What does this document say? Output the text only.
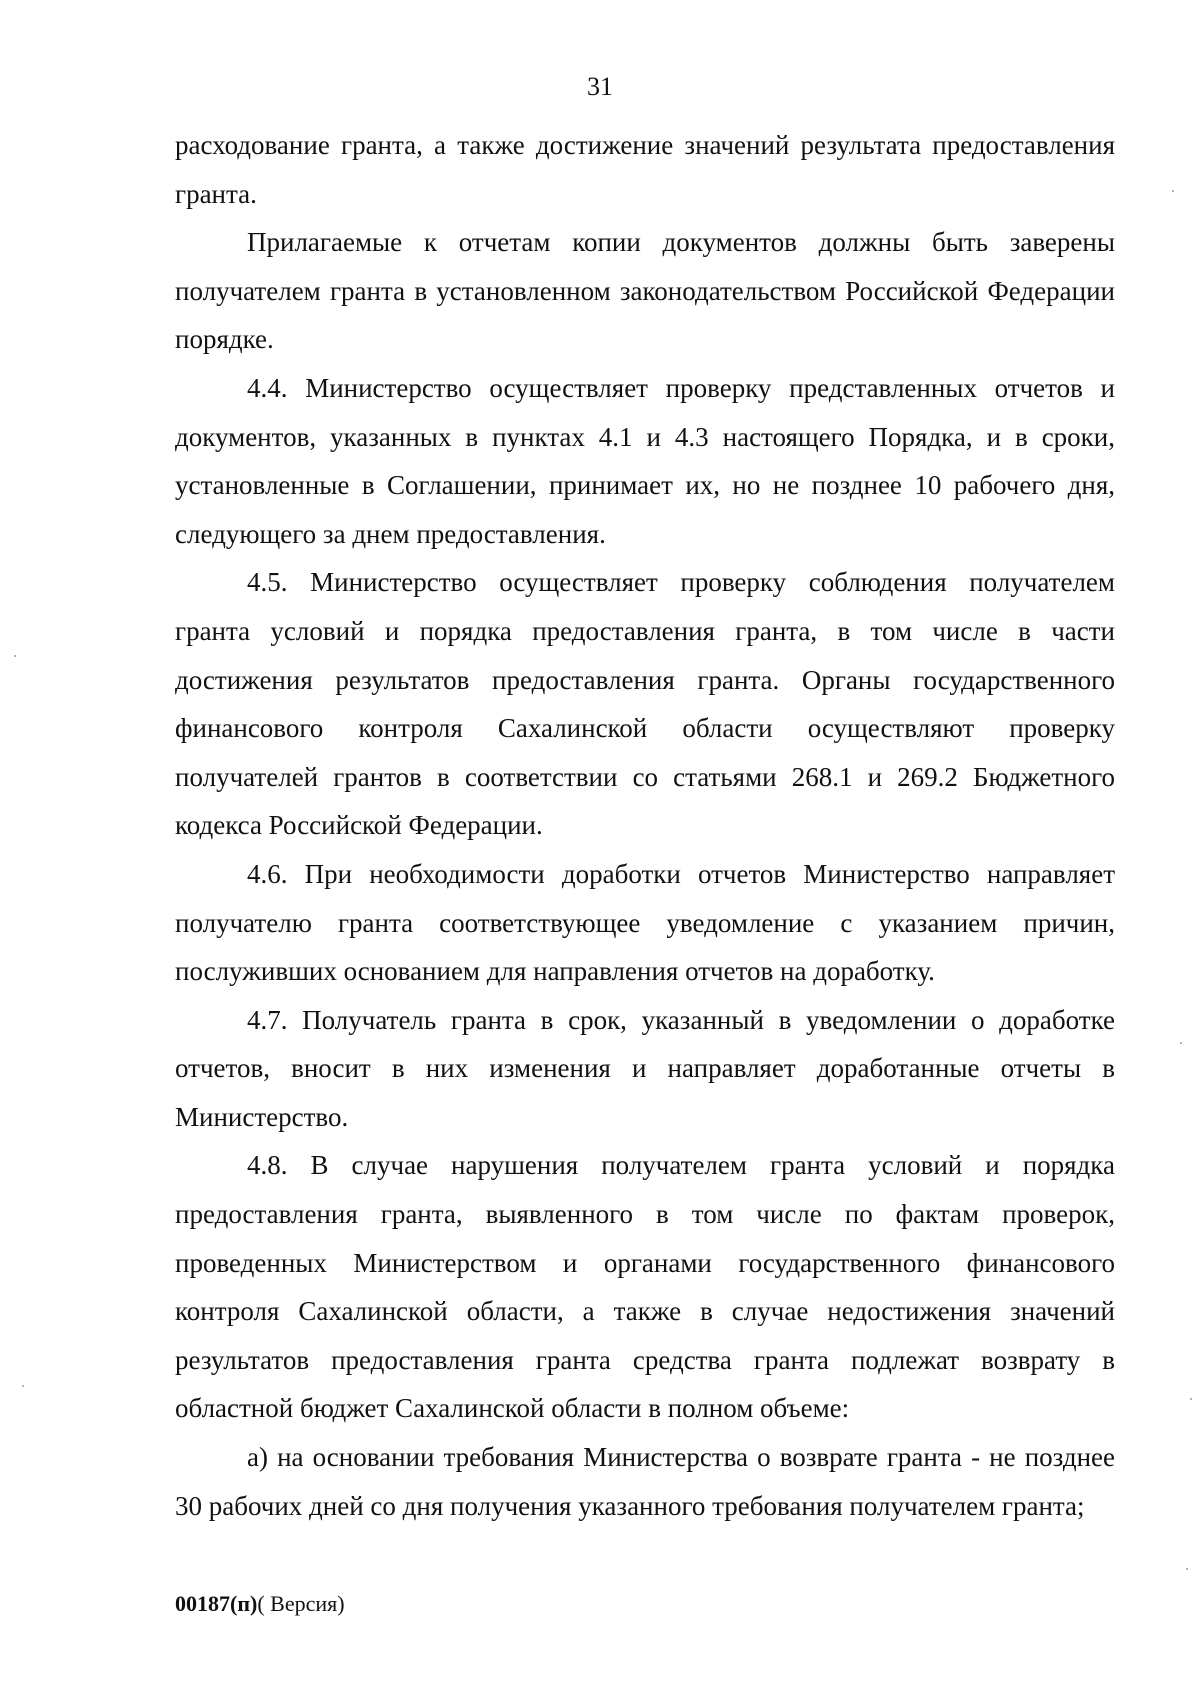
31

расходование гранта, а также достижение значений результата предоставления гранта.

Прилагаемые к отчетам копии документов должны быть заверены получателем гранта в установленном законодательством Российской Федерации порядке.

4.4. Министерство осуществляет проверку представленных отчетов и документов, указанных в пунктах 4.1 и 4.3 настоящего Порядка, и в сроки, установленные в Соглашении, принимает их, но не позднее 10 рабочего дня, следующего за днем предоставления.

4.5. Министерство осуществляет проверку соблюдения получателем гранта условий и порядка предоставления гранта, в том числе в части достижения результатов предоставления гранта. Органы государственного финансового контроля Сахалинской области осуществляют проверку получателей грантов в соответствии со статьями 268.1 и 269.2 Бюджетного кодекса Российской Федерации.

4.6. При необходимости доработки отчетов Министерство направляет получателю гранта соответствующее уведомление с указанием причин, послуживших основанием для направления отчетов на доработку.

4.7. Получатель гранта в срок, указанный в уведомлении о доработке отчетов, вносит в них изменения и направляет доработанные отчеты в Министерство.

4.8. В случае нарушения получателем гранта условий и порядка предоставления гранта, выявленного в том числе по фактам проверок, проведенных Министерством и органами государственного финансового контроля Сахалинской области, а также в случае недостижения значений результатов предоставления гранта средства гранта подлежат возврату в областной бюджет Сахалинской области в полном объеме:

а) на основании требования Министерства о возврате гранта - не позднее 30 рабочих дней со дня получения указанного требования получателем гранта;

00187(п)( Версия)
